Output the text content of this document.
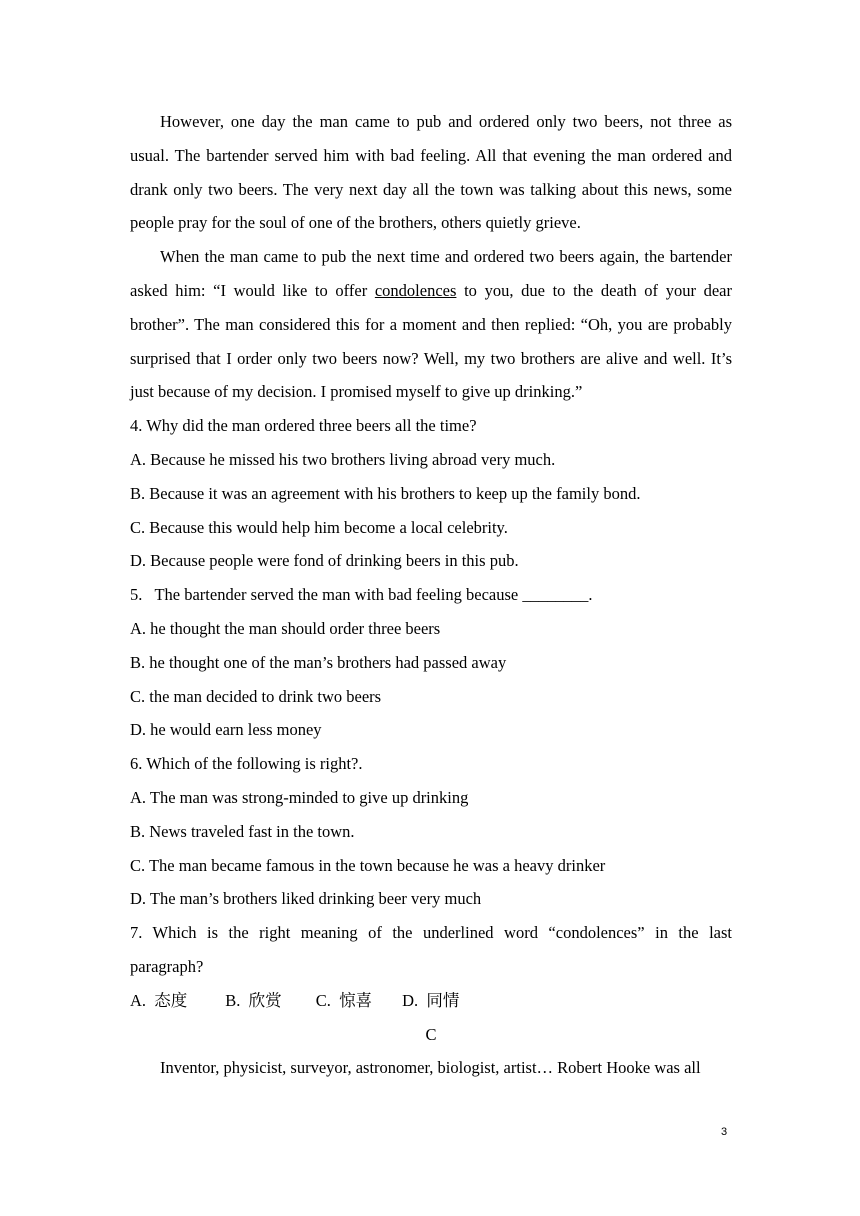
However, one day the man came to pub and ordered only two beers, not three as usual. The bartender served him with bad feeling. All that evening the man ordered and drank only two beers. The very next day all the town was talking about this news, some people pray for the soul of one of the brothers, others quietly grieve.

When the man came to pub the next time and ordered two beers again, the bartender asked him: “I would like to offer condolences to you, due to the death of your dear brother”. The man considered this for a moment and then replied: “Oh, you are probably surprised that I order only two beers now? Well, my two brothers are alive and well. It’s just because of my decision. I promised myself to give up drinking.”

4. Why did the man ordered three beers all the time?

A. Because he missed his two brothers living abroad very much.

B. Because it was an agreement with his brothers to keep up the family bond.

C. Because this would help him become a local celebrity.

D. Because people were fond of drinking beers in this pub.

5.   The bartender served the man with bad feeling because ________.

A. he thought the man should order three beers

B. he thought one of the man’s brothers had passed away

C. the man decided to drink two beers

D. he would earn less money

6. Which of the following is right?.

A. The man was strong-minded to give up drinking

B. News traveled fast in the town.

C. The man became famous in the town because he was a heavy drinker

D. The man’s brothers liked drinking beer very much

7. Which is the right meaning of the underlined word “condolences” in the last paragraph?

A.  态度 B.  欣赏 C.  惊喜 D.  同情

C

Inventor, physicist, surveyor, astronomer, biologist, artist… Robert Hooke was all

3
